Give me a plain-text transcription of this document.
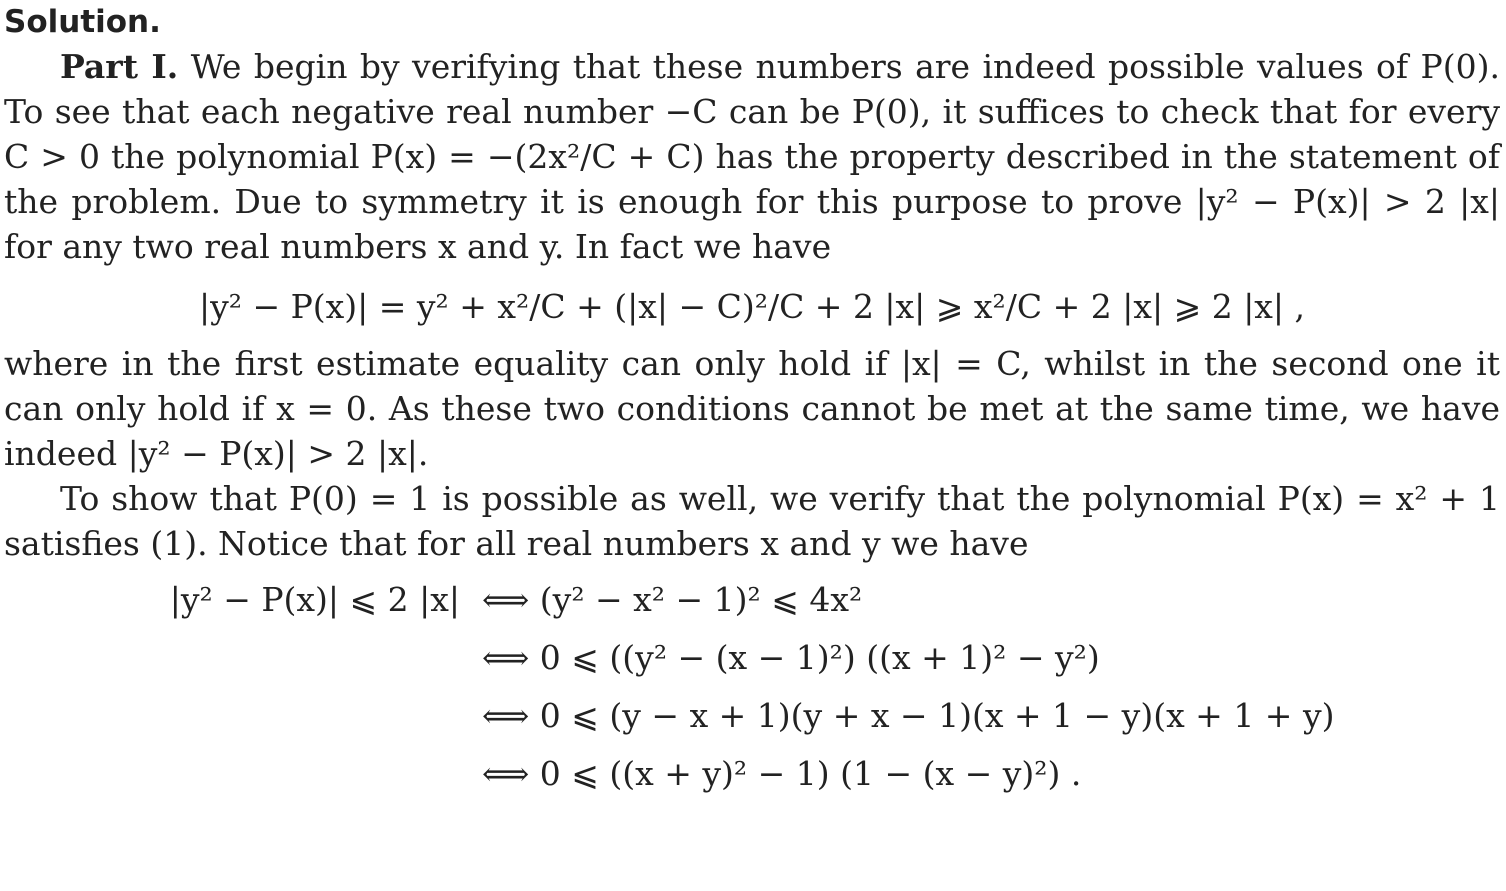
Solution.

Part I. We begin by verifying that these numbers are indeed possible values of P(0). To see that each negative real number −C can be P(0), it suffices to check that for every C > 0 the polynomial P(x) = −(2x²/C + C) has the property described in the statement of the problem. Due to symmetry it is enough for this purpose to prove |y² − P(x)| > 2 |x| for any two real numbers x and y. In fact we have

|y² − P(x)| = y² + x²/C + (|x| − C)²/C + 2 |x| ⩾ x²/C + 2 |x| ⩾ 2 |x| ,

where in the first estimate equality can only hold if |x| = C, whilst in the second one it can only hold if x = 0. As these two conditions cannot be met at the same time, we have indeed |y² − P(x)| > 2 |x|.

To show that P(0) = 1 is possible as well, we verify that the polynomial P(x) = x² + 1 satisfies (1). Notice that for all real numbers x and y we have

|y² − P(x)| ⩽ 2 |x| ⟺ (y² − x² − 1)² ⩽ 4x²
⟺ 0 ⩽ ((y² − (x − 1)²) ((x + 1)² − y²)
⟺ 0 ⩽ (y − x + 1)(y + x − 1)(x + 1 − y)(x + 1 + y)
⟺ 0 ⩽ ((x + y)² − 1) (1 − (x − y)²) .
